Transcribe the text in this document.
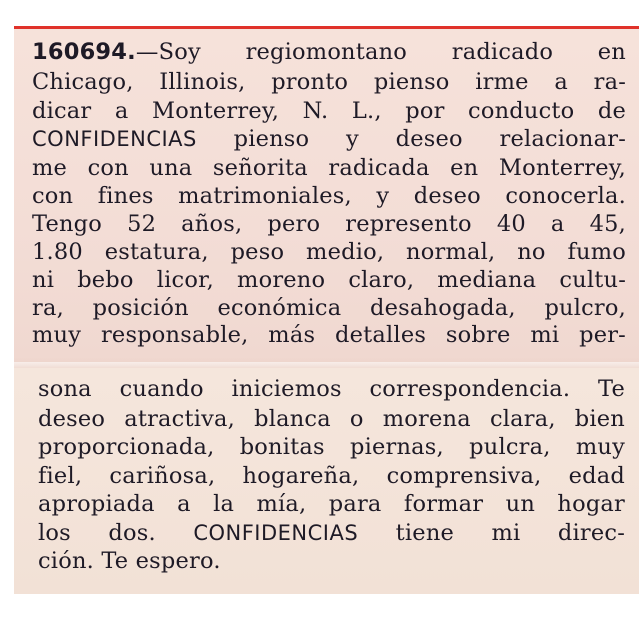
160694.—Soy regiomontano radicado en
Chicago, Illinois, pronto pienso irme a ra-
dicar a Monterrey, N. L., por conducto de
CONFIDENCIAS pienso y deseo relacionar-
me con una señorita radicada en Monterrey,
con fines matrimoniales, y deseo conocerla.
Tengo 52 años, pero represento 40 a 45,
1.80 estatura, peso medio, normal, no fumo
ni bebo licor, moreno claro, mediana cultu-
ra, posición económica desahogada, pulcro,
muy responsable, más detalles sobre mi per-
sona cuando iniciemos correspondencia. Te
deseo atractiva, blanca o morena clara, bien
proporcionada, bonitas piernas, pulcra, muy
fiel, cariñosa, hogareña, comprensiva, edad
apropiada a la mía, para formar un hogar
los dos. CONFIDENCIAS tiene mi direc-
ción. Te espero.
